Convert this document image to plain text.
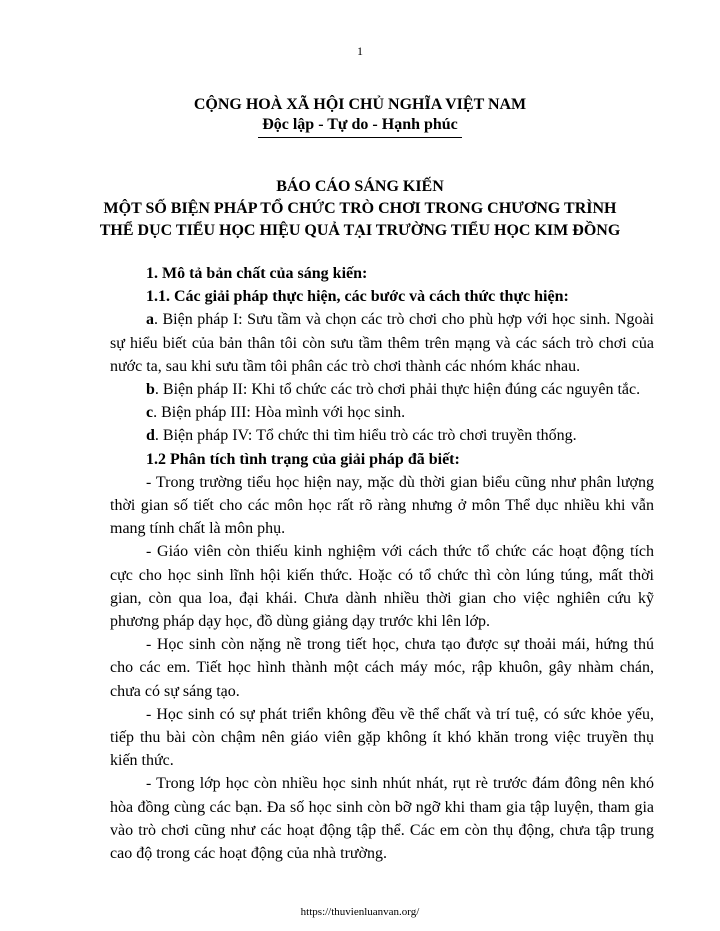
1
CỘNG HOÀ XÃ HỘI CHỦ NGHĨA VIỆT NAM
Độc lập - Tự do - Hạnh phúc
BÁO CÁO SÁNG KIẾN
MỘT SỐ BIỆN PHÁP TỔ CHỨC TRÒ CHƠI TRONG CHƯƠNG TRÌNH
THỂ DỤC TIỂU HỌC HIỆU QUẢ TẠI TRƯỜNG TIỂU HỌC KIM ĐỒNG

1. Mô tả bản chất của sáng kiến:

1.1. Các giải pháp thực hiện, các bước và cách thức thực hiện:

a. Biện pháp I: Sưu tầm và chọn các trò chơi cho phù hợp với học sinh. Ngoài sự hiểu biết của bản thân tôi còn sưu tầm thêm trên mạng và các sách trò chơi của nước ta, sau khi sưu tầm tôi phân các trò chơi thành các nhóm khác nhau.

b. Biện pháp II: Khi tổ chức các trò chơi phải thực hiện đúng các nguyên tắc.

c. Biện pháp III: Hòa mình với học sinh.

d. Biện pháp IV: Tổ chức thi tìm hiểu trò các trò chơi truyền thống.

1.2 Phân tích tình trạng của giải pháp đã biết:

- Trong trường tiểu học hiện nay, mặc dù thời gian biểu cũng như phân lượng thời gian số tiết cho các môn học rất rõ ràng nhưng ở môn Thể dục nhiều khi vẫn mang tính chất là môn phụ.

- Giáo viên còn thiếu kinh nghiệm với cách thức tổ chức các hoạt động tích cực cho học sinh lĩnh hội kiến thức. Hoặc có tổ chức thì còn lúng túng, mất thời gian, còn qua loa, đại khái. Chưa dành nhiều thời gian cho việc nghiên cứu kỹ phương pháp dạy học, đồ dùng giảng dạy trước khi lên lớp.

- Học sinh còn nặng nề trong tiết học, chưa tạo được sự thoải mái, hứng thú cho các em. Tiết học hình thành một cách máy móc, rập khuôn, gây nhàm chán, chưa có sự sáng tạo.

- Học sinh có sự phát triển không đều về thể chất và trí tuệ, có sức khỏe yếu, tiếp thu bài còn chậm nên giáo viên gặp không ít khó khăn trong việc truyền thụ kiến thức.

- Trong lớp học còn nhiều học sinh nhút nhát, rụt rè trước đám đông nên khó hòa đồng cùng các bạn. Đa số học sinh còn bỡ ngỡ khi tham gia tập luyện, tham gia vào trò chơi cũng như các hoạt động tập thể. Các em còn thụ động, chưa tập trung cao độ trong các hoạt động của nhà trường.

https://thuvienluanvan.org/
